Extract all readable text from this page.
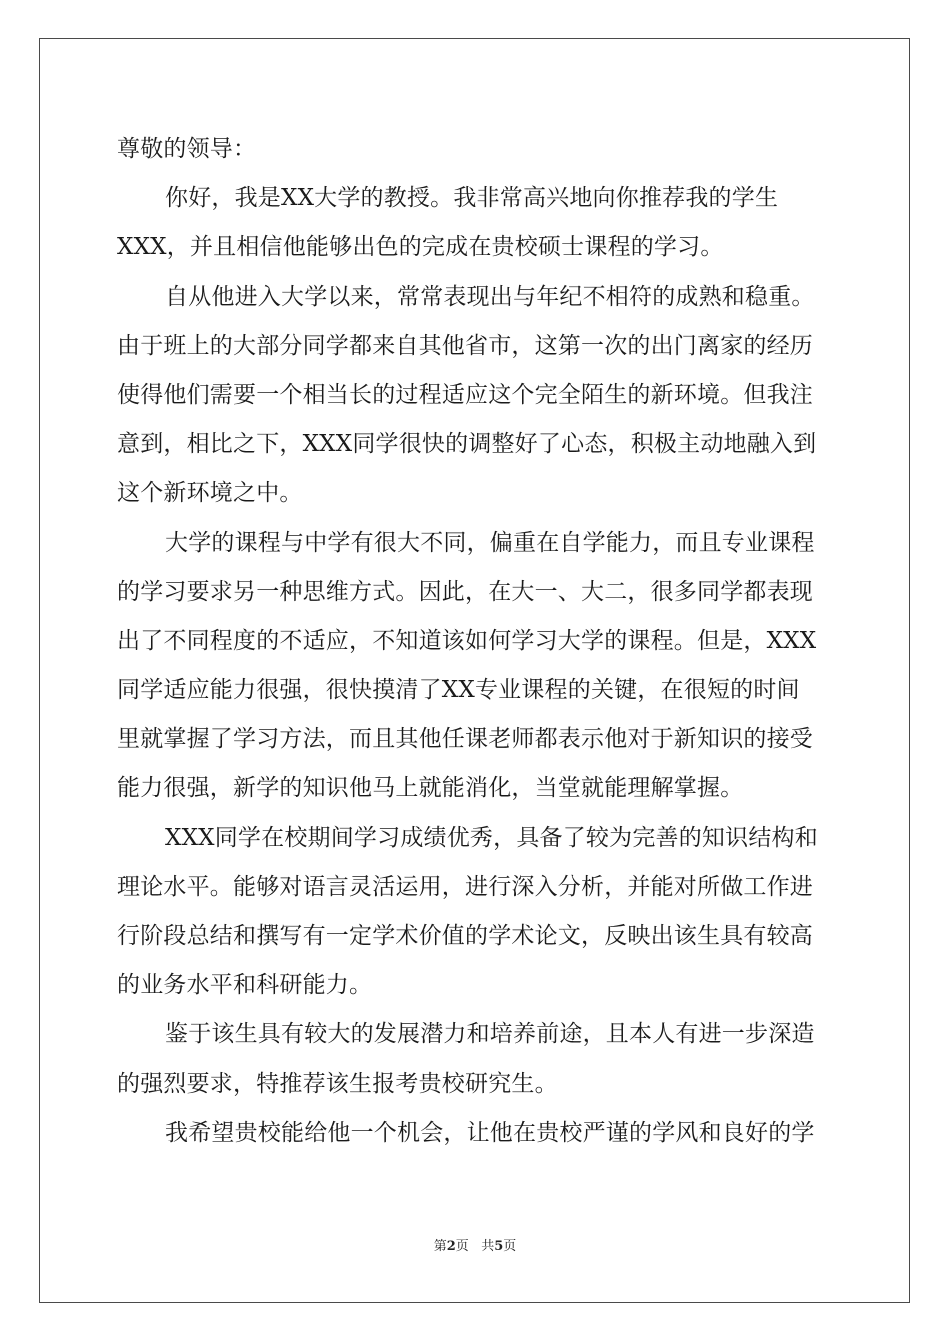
尊敬的领导：
你好，我是XX大学的教授。我非常高兴地向你推荐我的学生
XXX，并且相信他能够出色的完成在贵校硕士课程的学习。
自从他进入大学以来，常常表现出与年纪不相符的成熟和稳重。
由于班上的大部分同学都来自其他省市，这第一次的出门离家的经历
使得他们需要一个相当长的过程适应这个完全陌生的新环境。但我注
意到，相比之下，XXX同学很快的调整好了心态，积极主动地融入到
这个新环境之中。
大学的课程与中学有很大不同，偏重在自学能力，而且专业课程
的学习要求另一种思维方式。因此，在大一、大二，很多同学都表现
出了不同程度的不适应，不知道该如何学习大学的课程。但是，XXX
同学适应能力很强，很快摸清了XX专业课程的关键，在很短的时间
里就掌握了学习方法，而且其他任课老师都表示他对于新知识的接受
能力很强，新学的知识他马上就能消化，当堂就能理解掌握。
XXX同学在校期间学习成绩优秀，具备了较为完善的知识结构和
理论水平。能够对语言灵活运用，进行深入分析，并能对所做工作进
行阶段总结和撰写有一定学术价值的学术论文，反映出该生具有较高
的业务水平和科研能力。
鉴于该生具有较大的发展潜力和培养前途，且本人有进一步深造
的强烈要求，特推荐该生报考贵校研究生。
我希望贵校能给他一个机会，让他在贵校严谨的学风和良好的学
第2页 共5页
